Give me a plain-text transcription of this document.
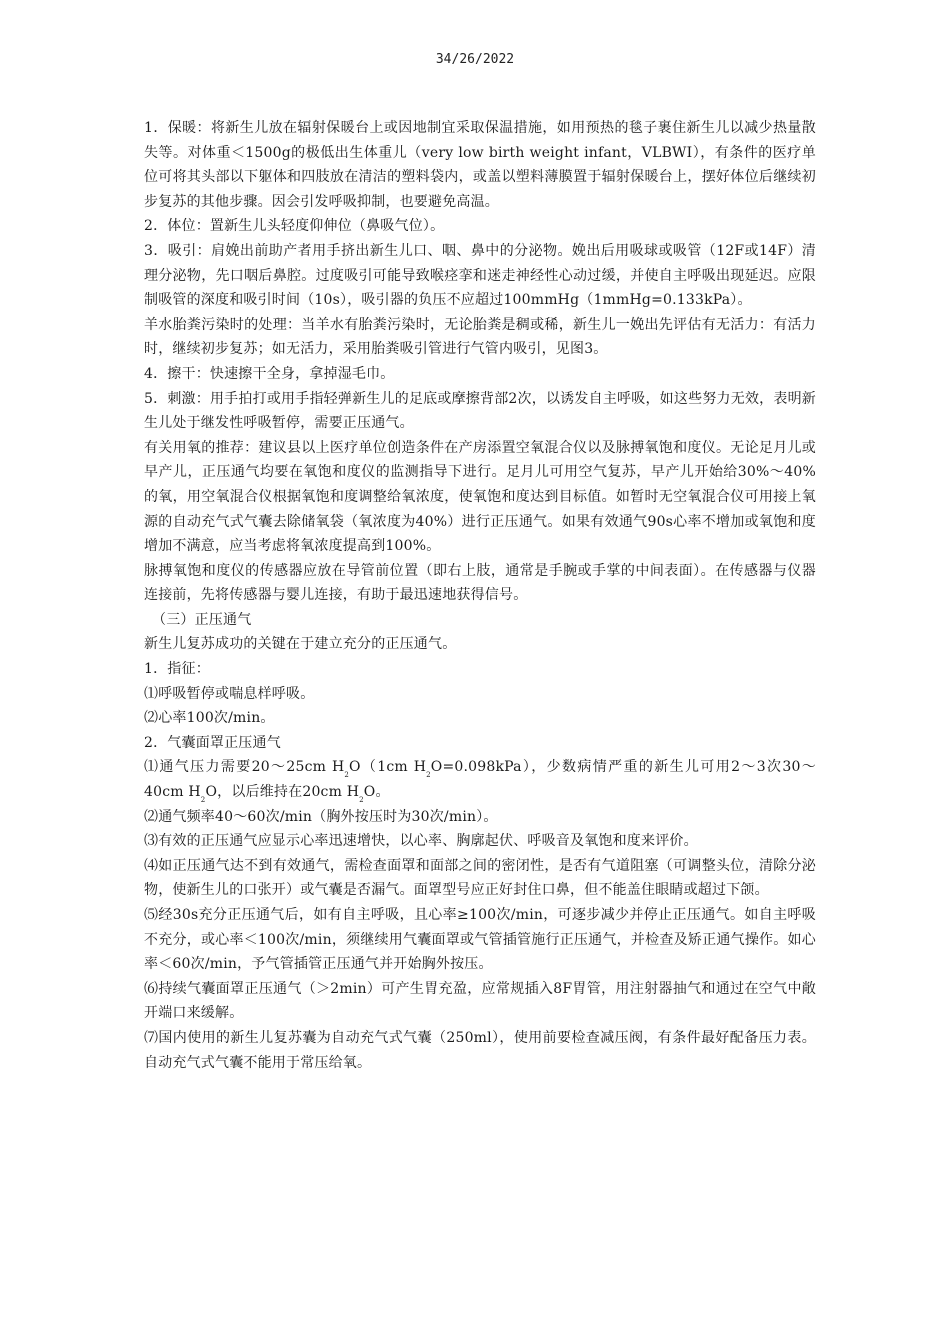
34/26/2022

1．保暖：将新生儿放在辐射保暖台上或因地制宜采取保温措施，如用预热的毯子裹住新生儿以减少热量散失等。对体重＜1500g的极低出生体重儿（very low birth weight infant，VLBWI），有条件的医疗单位可将其头部以下躯体和四肢放在清洁的塑料袋内，或盖以塑料薄膜置于辐射保暖台上，摆好体位后继续初步复苏的其他步骤。因会引发呼吸抑制，也要避免高温。

2．体位：置新生儿头轻度仰伸位（鼻吸气位）。

3．吸引：肩娩出前助产者用手挤出新生儿口、咽、鼻中的分泌物。娩出后用吸球或吸管（12F或14F）清理分泌物，先口咽后鼻腔。过度吸引可能导致喉痉挛和迷走神经性心动过缓，并使自主呼吸出现延迟。应限制吸管的深度和吸引时间（10s），吸引器的负压不应超过100mmHg（1mmHg=0.133kPa）。

羊水胎粪污染时的处理：当羊水有胎粪污染时，无论胎粪是稠或稀，新生儿一娩出先评估有无活力：有活力时，继续初步复苏；如无活力，采用胎粪吸引管进行气管内吸引，见图3。

4．擦干：快速擦干全身，拿掉湿毛巾。

5．刺激：用手拍打或用手指轻弹新生儿的足底或摩擦背部2次，以诱发自主呼吸，如这些努力无效，表明新生儿处于继发性呼吸暂停，需要正压通气。

有关用氧的推荐：建议县以上医疗单位创造条件在产房添置空氧混合仪以及脉搏氧饱和度仪。无论足月儿或早产儿，正压通气均要在氧饱和度仪的监测指导下进行。足月儿可用空气复苏，早产儿开始给30%～40%的氧，用空氧混合仪根据氧饱和度调整给氧浓度，使氧饱和度达到目标值。如暂时无空氧混合仪可用接上氧源的自动充气式气囊去除储氧袋（氧浓度为40%）进行正压通气。如果有效通气90s心率不增加或氧饱和度增加不满意，应当考虑将氧浓度提高到100%。

脉搏氧饱和度仪的传感器应放在导管前位置（即右上肢，通常是手腕或手掌的中间表面）。在传感器与仪器连接前，先将传感器与婴儿连接，有助于最迅速地获得信号。

（三）正压通气

新生儿复苏成功的关键在于建立充分的正压通气。

1．指征：

⑴呼吸暂停或喘息样呼吸。

⑵心率100次/min。

2．气囊面罩正压通气

⑴通气压力需要20～25cm $H_2O(1cm$ $H_2O=0.098kPa$），少数病情严重的新生儿可用2～3次30～40cm $H_2O$，以后维持在20cm $H_2O$。

⑵通气频率40～60次/min（胸外按压时为30次/min）。

⑶有效的正压通气应显示心率迅速增快，以心率、胸廓起伏、呼吸音及氧饱和度来评价。

⑷如正压通气达不到有效通气，需检查面罩和面部之间的密闭性，是否有气道阻塞（可调整头位，清除分泌物，使新生儿的口张开）或气囊是否漏气。面罩型号应正好封住口鼻，但不能盖住眼睛或超过下颌。

⑸经30s充分正压通气后，如有自主呼吸，且心率≥100次/min，可逐步减少并停止正压通气。如自主呼吸不充分，或心率＜100次/min，须继续用气囊面罩或气管插管施行正压通气，并检查及矫正通气操作。如心率＜60次/min，予气管插管正压通气并开始胸外按压。

⑹持续气囊面罩正压通气（＞2min）可产生胃充盈，应常规插入8F胃管，用注射器抽气和通过在空气中敞开端口来缓解。

⑺国内使用的新生儿复苏囊为自动充气式气囊（250ml），使用前要检查减压阀，有条件最好配备压力表。自动充气式气囊不能用于常压给氧。
